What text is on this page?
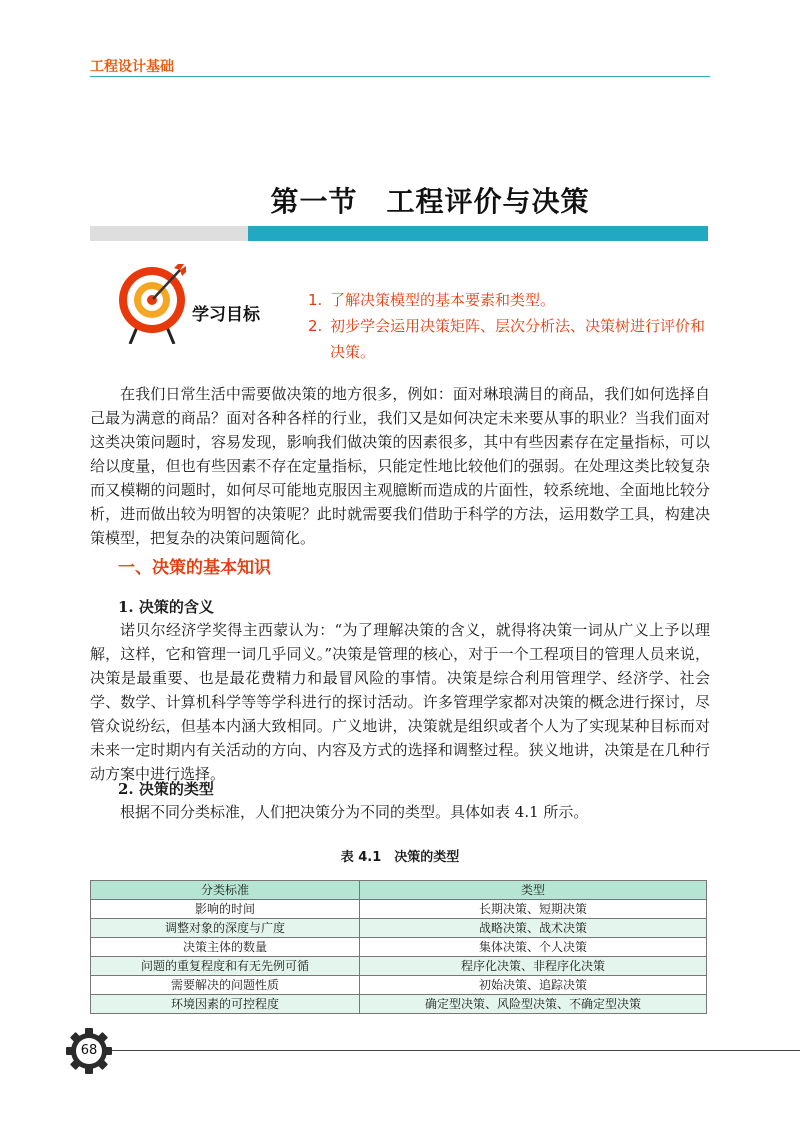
工程设计基础
第一节　工程评价与决策
学习目标
1. 了解决策模型的基本要素和类型。
2. 初步学会运用决策矩阵、层次分析法、决策树进行评价和决策。
在我们日常生活中需要做决策的地方很多，例如：面对琳琅满目的商品，我们如何选择自己最为满意的商品？面对各种各样的行业，我们又是如何决定未来要从事的职业？当我们面对这类决策问题时，容易发现，影响我们做决策的因素很多，其中有些因素存在定量指标，可以给以度量，但也有些因素不存在定量指标，只能定性地比较他们的强弱。在处理这类比较复杂而又模糊的问题时，如何尽可能地克服因主观臆断而造成的片面性，较系统地、全面地比较分析，进而做出较为明智的决策呢？此时就需要我们借助于科学的方法，运用数学工具，构建决策模型，把复杂的决策问题简化。
一、决策的基本知识
1. 决策的含义
诺贝尔经济学奖得主西蒙认为：“为了理解决策的含义，就得将决策一词从广义上予以理解，这样，它和管理一词几乎同义。”决策是管理的核心，对于一个工程项目的管理人员来说，决策是最重要、也是最花费精力和最冒风险的事情。决策是综合利用管理学、经济学、社会学、数学、计算机科学等等学科进行的探讨活动。许多管理学家都对决策的概念进行探讨，尽管众说纷纭，但基本内涵大致相同。广义地讲，决策就是组织或者个人为了实现某种目标而对未来一定时期内有关活动的方向、内容及方式的选择和调整过程。狭义地讲，决策是在几种行动方案中进行选择。
2. 决策的类型
根据不同分类标准，人们把决策分为不同的类型。具体如表 4.1 所示。
表 4.1　决策的类型
分类标准	类型
影响的时间	长期决策、短期决策
调整对象的深度与广度	战略决策、战术决策
决策主体的数量	集体决策、个人决策
问题的重复程度和有无先例可循	程序化决策、非程序化决策
需要解决的问题性质	初始决策、追踪决策
环境因素的可控程度	确定型决策、风险型决策、不确定型决策
68
